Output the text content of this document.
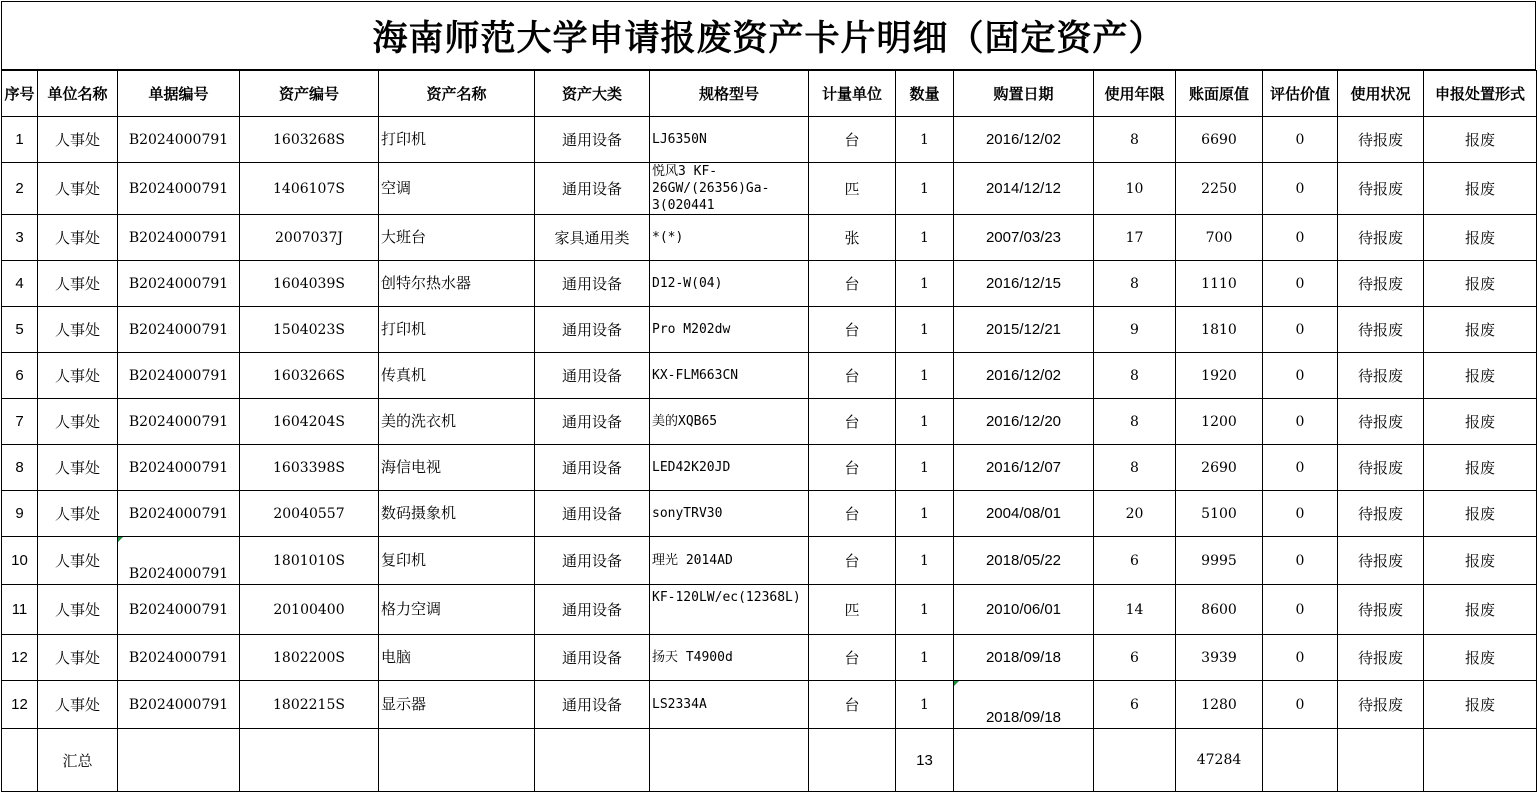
海南师范大学申请报废资产卡片明细（固定资产）
序号	单位名称	单据编号	资产编号	资产名称	资产大类	规格型号	计量单位	数量	购置日期	使用年限	账面原值	评估价值	使用状况	申报处置形式
1	人事处	B2024000791	1603268S	打印机	通用设备	LJ6350N	台	1	2016/12/02	8	6690	0	待报废	报废
2	人事处	B2024000791	1406107S	空调	通用设备	悦风3 KF-26GW/(26356)Ga-3(020441	匹	1	2014/12/12	10	2250	0	待报废	报废
3	人事处	B2024000791	2007037J	大班台	家具通用类	*(*)	张	1	2007/03/23	17	700	0	待报废	报废
4	人事处	B2024000791	1604039S	创特尔热水器	通用设备	D12-W(04)	台	1	2016/12/15	8	1110	0	待报废	报废
5	人事处	B2024000791	1504023S	打印机	通用设备	Pro M202dw	台	1	2015/12/21	9	1810	0	待报废	报废
6	人事处	B2024000791	1603266S	传真机	通用设备	KX-FLM663CN	台	1	2016/12/02	8	1920	0	待报废	报废
7	人事处	B2024000791	1604204S	美的洗衣机	通用设备	美的XQB65	台	1	2016/12/20	8	1200	0	待报废	报废
8	人事处	B2024000791	1603398S	海信电视	通用设备	LED42K20JD	台	1	2016/12/07	8	2690	0	待报废	报废
9	人事处	B2024000791	20040557	数码摄象机	通用设备	sonyTRV30	台	1	2004/08/01	20	5100	0	待报废	报废
10	人事处	B2024000791	1801010S	复印机	通用设备	理光 2014AD	台	1	2018/05/22	6	9995	0	待报废	报废
11	人事处	B2024000791	20100400	格力空调	通用设备	KF-120LW/ec(12368L)	匹	1	2010/06/01	14	8600	0	待报废	报废
12	人事处	B2024000791	1802200S	电脑	通用设备	扬天 T4900d	台	1	2018/09/18	6	3939	0	待报废	报废
12	人事处	B2024000791	1802215S	显示器	通用设备	LS2334A	台	1	2018/09/18	6	1280	0	待报废	报废
	汇总							13			47284			
